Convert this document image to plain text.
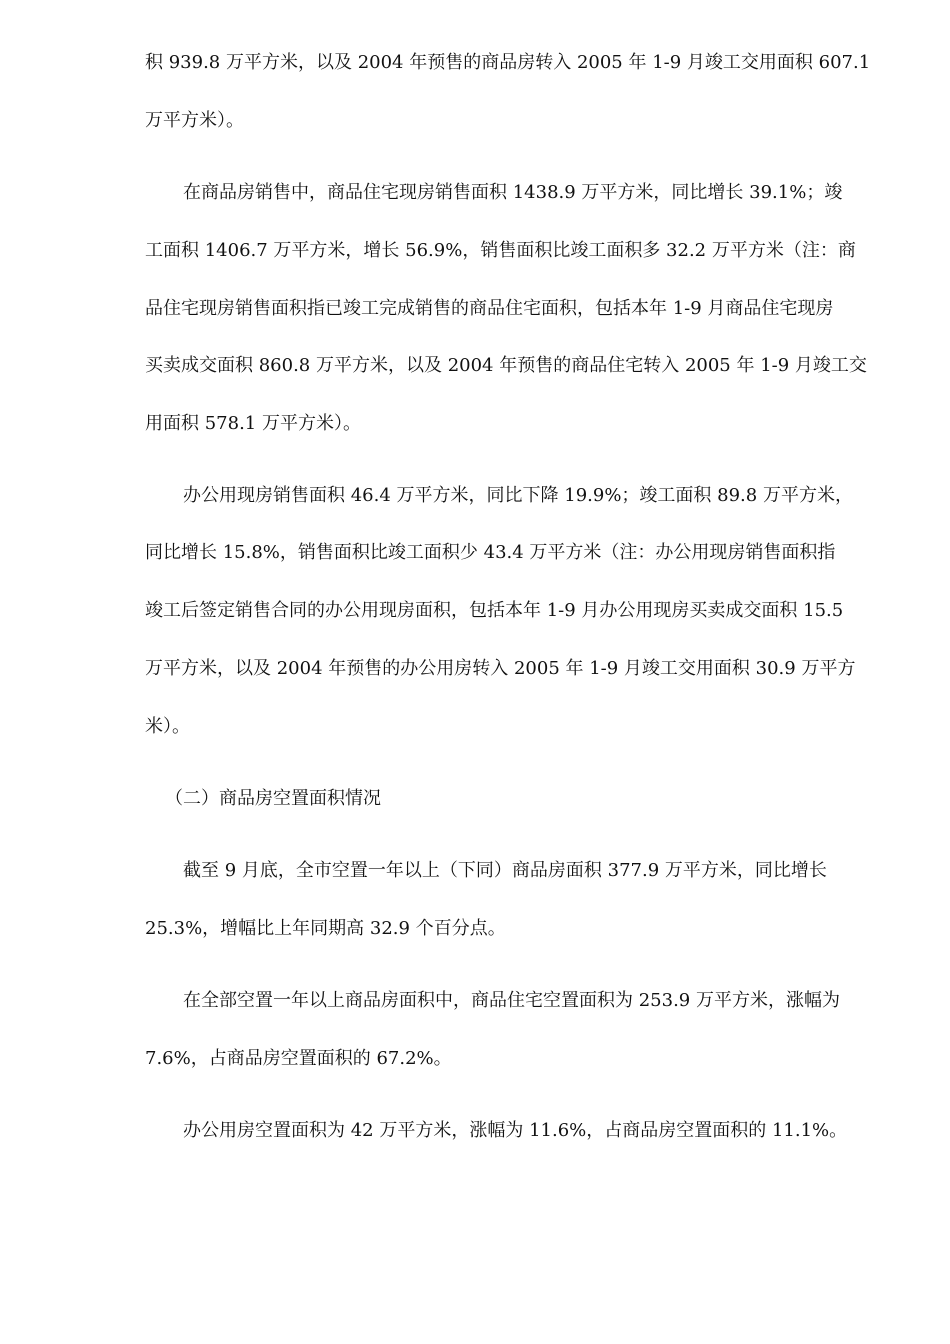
积 939.8 万平方米，以及 2004 年预售的商品房转入 2005 年 1-9 月竣工交用面积 607.1
万平方米）。
在商品房销售中，商品住宅现房销售面积 1438.9 万平方米，同比增长 39.1%；竣
工面积 1406.7 万平方米，增长 56.9%，销售面积比竣工面积多 32.2 万平方米（注：商
品住宅现房销售面积指已竣工完成销售的商品住宅面积，包括本年 1-9 月商品住宅现房
买卖成交面积 860.8 万平方米，以及 2004 年预售的商品住宅转入 2005 年 1-9 月竣工交
用面积 578.1 万平方米）。
办公用现房销售面积 46.4 万平方米，同比下降 19.9%；竣工面积 89.8 万平方米，
同比增长 15.8%，销售面积比竣工面积少 43.4 万平方米（注：办公用现房销售面积指
竣工后签定销售合同的办公用现房面积，包括本年 1-9 月办公用现房买卖成交面积 15.5
万平方米，以及 2004 年预售的办公用房转入 2005 年 1-9 月竣工交用面积 30.9 万平方
米）。
（二）商品房空置面积情况
截至 9 月底，全市空置一年以上（下同）商品房面积 377.9 万平方米，同比增长
25.3%，增幅比上年同期高 32.9 个百分点。
在全部空置一年以上商品房面积中，商品住宅空置面积为 253.9 万平方米，涨幅为
7.6%，占商品房空置面积的 67.2%。
办公用房空置面积为 42 万平方米，涨幅为 11.6%，占商品房空置面积的 11.1%。
